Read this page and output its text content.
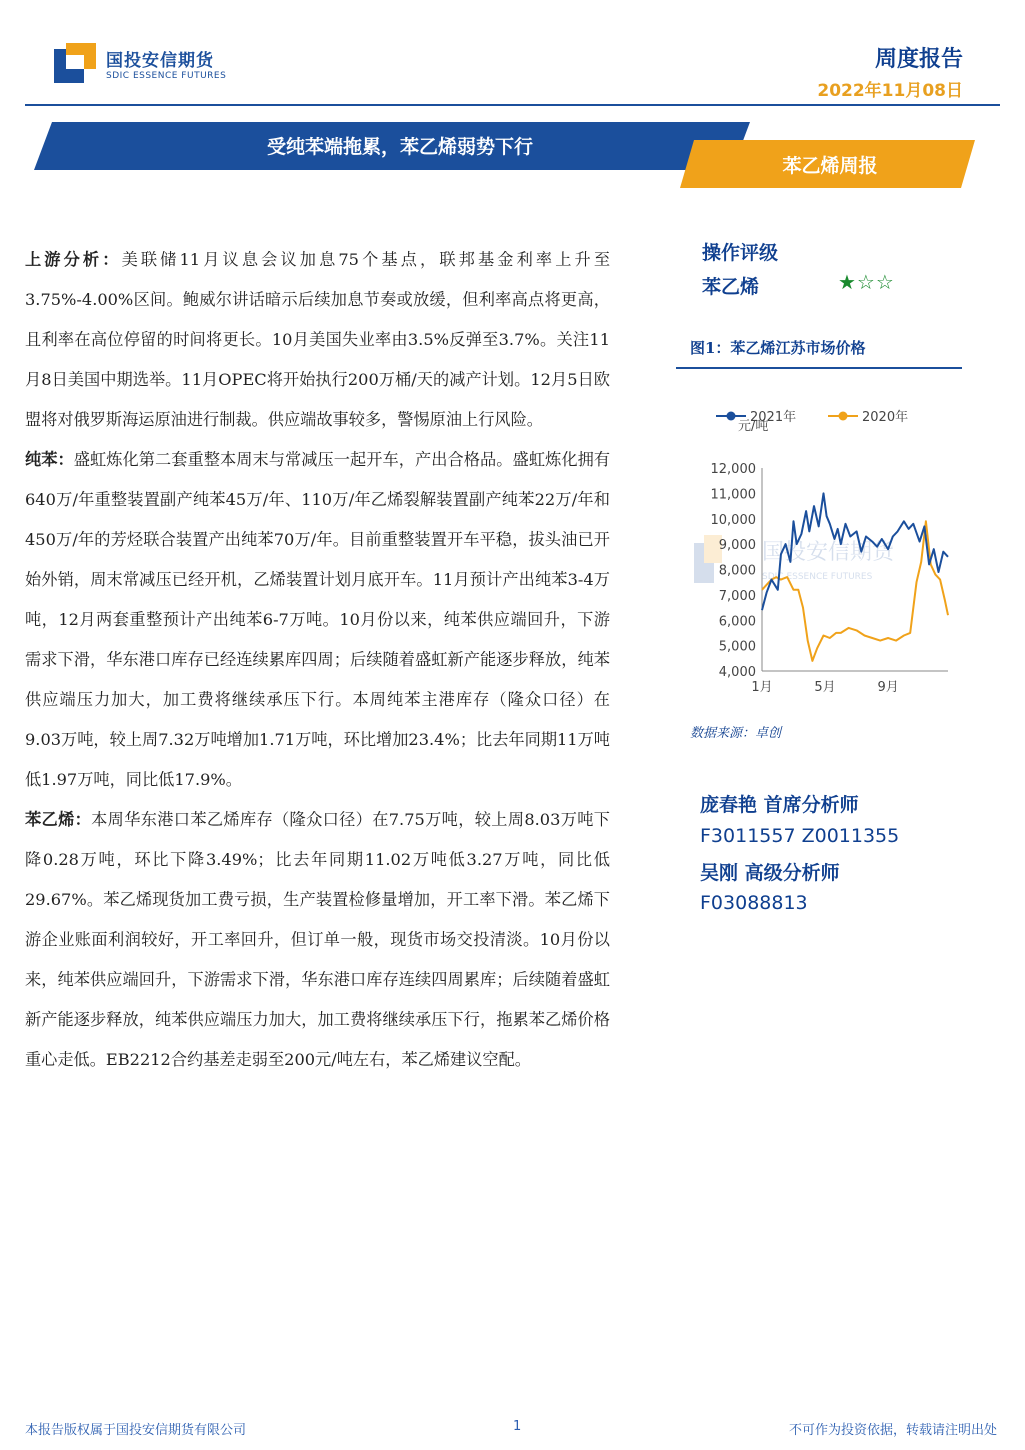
国投安信期货
SDIC ESSENCE FUTURES
周度报告
2022年11月08日
受纯苯端拖累，苯乙烯弱势下行
苯乙烯周报

上游分析：美联储11月议息会议加息75个基点，联邦基金利率上升至3.75%-4.00%区间。鲍威尔讲话暗示后续加息节奏或放缓，但利率高点将更高，且利率在高位停留的时间将更长。10月美国失业率由3.5%反弹至3.7%。关注11月8日美国中期选举。11月OPEC将开始执行200万桶/天的减产计划。12月5日欧盟将对俄罗斯海运原油进行制裁。供应端故事较多，警惕原油上行风险。

纯苯：盛虹炼化第二套重整本周末与常减压一起开车，产出合格品。盛虹炼化拥有640万/年重整装置副产纯苯45万/年、110万/年乙烯裂解装置副产纯苯22万/年和 450万/年的芳烃联合装置产出纯苯70万/年。目前重整装置开车平稳，拔头油已开始外销，周末常减压已经开机，乙烯装置计划月底开车。11月预计产出纯苯3-4万吨，12月两套重整预计产出纯苯6-7万吨。10月份以来，纯苯供应端回升，下游需求下滑，华东港口库存已经连续累库四周；后续随着盛虹新产能逐步释放，纯苯供应端压力加大，加工费将继续承压下行。本周纯苯主港库存（隆众口径）在9.03万吨，较上周7.32万吨增加1.71万吨，环比增加23.4%；比去年同期11万吨低1.97万吨，同比低17.9%。

苯乙烯：本周华东港口苯乙烯库存（隆众口径）在7.75万吨，较上周8.03万吨下降0.28万吨，环比下降3.49%；比去年同期11.02万吨低3.27万吨，同比低29.67%。苯乙烯现货加工费亏损，生产装置检修量增加，开工率下滑。苯乙烯下游企业账面利润较好，开工率回升，但订单一般，现货市场交投清淡。10月份以来，纯苯供应端回升，下游需求下滑，华东港口库存连续四周累库；后续随着盛虹新产能逐步释放，纯苯供应端压力加大，加工费将继续承压下行，拖累苯乙烯价格重心走低。EB2212合约基差走弱至200元/吨左右，苯乙烯建议空配。

操作评级
苯乙烯	★☆☆
图1：苯乙烯江苏市场价格
国投安信期货
SDIC ESSENCE FUTURES
2021年	2020年
元/吨
12,000
11,000
10,000
9,000
8,000
7,000
6,000
5,000
4,000
1月	5月	9月
数据来源：卓创
庞春艳 首席分析师
F3011557 Z0011355
吴刚 高级分析师
F03088813
本报告版权属于国投安信期货有限公司	1	不可作为投资依据，转载请注明出处
